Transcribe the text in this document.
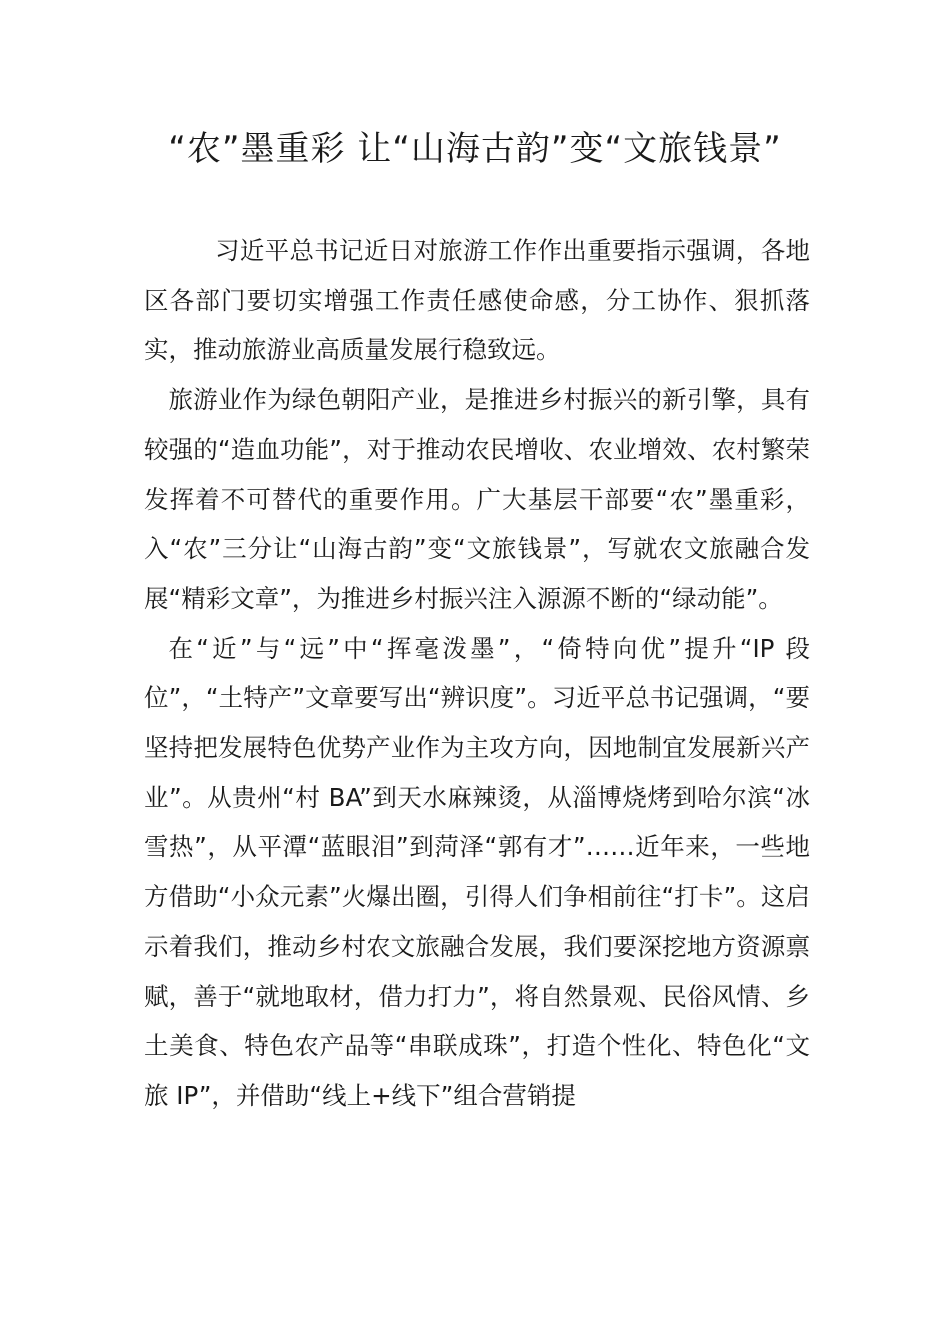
“农”墨重彩 让“山海古韵”变“文旅钱景”

习近平总书记近日对旅游工作作出重要指示强调，各地区各部门要切实增强工作责任感使命感，分工协作、狠抓落实，推动旅游业高质量发展行稳致远。

旅游业作为绿色朝阳产业，是推进乡村振兴的新引擎，具有较强的“造血功能”，对于推动农民增收、农业增效、农村繁荣发挥着不可替代的重要作用。广大基层干部要“农”墨重彩，入“农”三分让“山海古韵”变“文旅钱景”，写就农文旅融合发展“精彩文章”，为推进乡村振兴注入源源不断的“绿动能”。

在“近”与“远”中“挥毫泼墨”，“倚特向优”提升“IP 段位”，“土特产”文章要写出“辨识度”。习近平总书记强调，“要坚持把发展特色优势产业作为主攻方向，因地制宜发展新兴产业”。从贵州“村 BA”到天水麻辣烫，从淄博烧烤到哈尔滨“冰雪热”，从平潭“蓝眼泪”到菏泽“郭有才”……近年来，一些地方借助“小众元素”火爆出圈，引得人们争相前往“打卡”。这启示着我们，推动乡村农文旅融合发展，我们要深挖地方资源禀赋，善于“就地取材，借力打力”，将自然景观、民俗风情、乡土美食、特色农产品等“串联成珠”，打造个性化、特色化“文旅 IP”，并借助“线上+线下”组合营销提
